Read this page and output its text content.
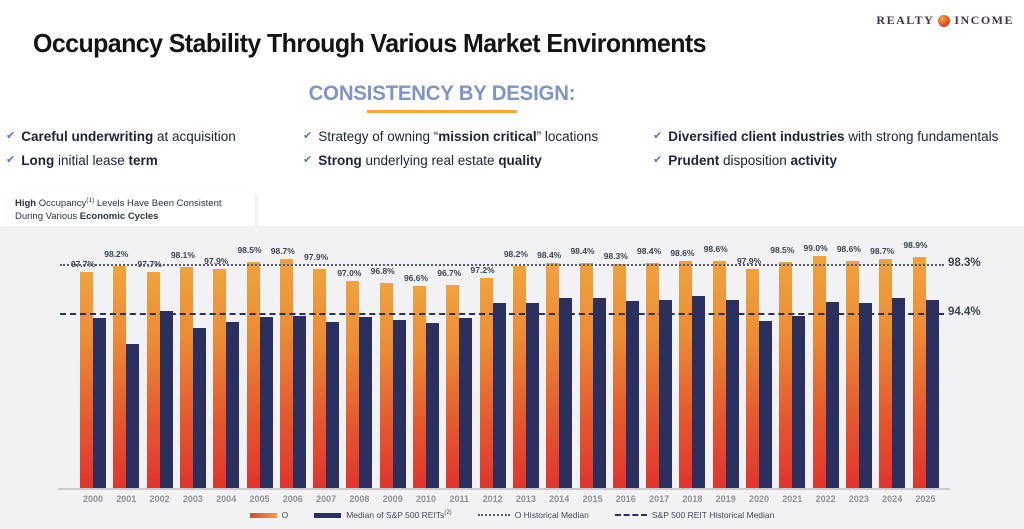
REALTY INCOME
Occupancy Stability Through Various Market Environments
CONSISTENCY BY DESIGN:
✔ Careful underwriting at acquisition
✔ Long initial lease term
✔ Strategy of owning “mission critical” locations
✔ Strong underlying real estate quality
✔ Diversified client industries with strong fundamentals
✔ Prudent disposition activity
High Occupancy$^{(1)}$ Levels Have Been Consistent During Various Economic Cycles
97.7%
2000
98.2%
2001
97.7%
2002
98.1%
2003
97.9%
2004
98.5%
2005
98.7%
2006
97.9%
2007
97.0%
2008
96.8%
2009
96.6%
2010
96.7%
2011
97.2%
2012
98.2%
2013
98.4%
2014
98.4%
2015
98.3%
2016
98.4%
2017
98.6%
2018
98.6%
2019
97.9%
2020
98.5%
2021
99.0%
2022
98.6%
2023
98.7%
2024
98.9%
2025
98.3%
94.4%
O	Median of S&P 500 REITs$^{(2)}$	O Historical Median	S&P 500 REIT Historical Median
